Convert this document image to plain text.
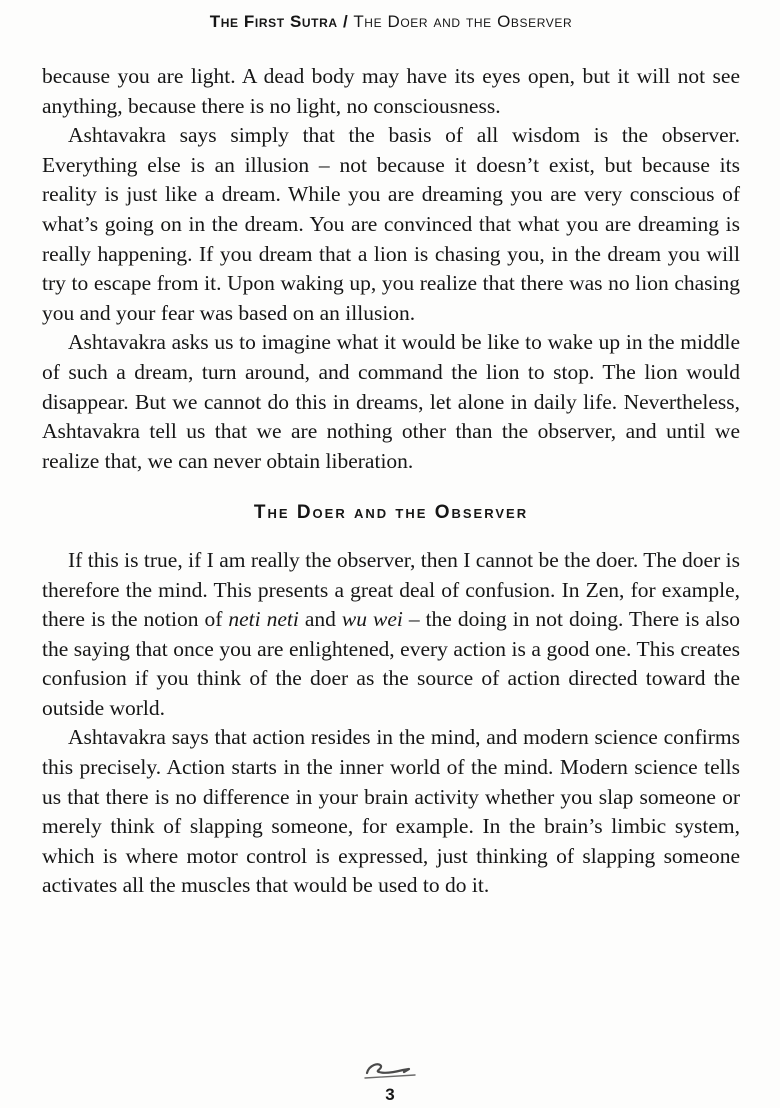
The First Sutra / The Doer and the Observer

because you are light. A dead body may have its eyes open, but it will not see anything, because there is no light, no consciousness.

Ashtavakra says simply that the basis of all wisdom is the observer. Everything else is an illusion – not because it doesn’t exist, but because its reality is just like a dream. While you are dreaming you are very conscious of what’s going on in the dream. You are convinced that what you are dreaming is really happening. If you dream that a lion is chasing you, in the dream you will try to escape from it. Upon waking up, you realize that there was no lion chasing you and your fear was based on an illusion.

Ashtavakra asks us to imagine what it would be like to wake up in the middle of such a dream, turn around, and command the lion to stop. The lion would disappear. But we cannot do this in dreams, let alone in daily life. Nevertheless, Ashtavakra tell us that we are nothing other than the observer, and until we realize that, we can never obtain liberation.

The Doer and the Observer

If this is true, if I am really the observer, then I cannot be the doer. The doer is therefore the mind. This presents a great deal of confusion. In Zen, for example, there is the notion of neti neti and wu wei – the doing in not doing. There is also the saying that once you are enlightened, every action is a good one. This creates confusion if you think of the doer as the source of action directed toward the outside world.

Ashtavakra says that action resides in the mind, and modern science confirms this precisely. Action starts in the inner world of the mind. Modern science tells us that there is no difference in your brain activity whether you slap someone or merely think of slapping someone, for example. In the brain’s limbic system, which is where motor control is expressed, just thinking of slapping someone activates all the muscles that would be used to do it.

3
